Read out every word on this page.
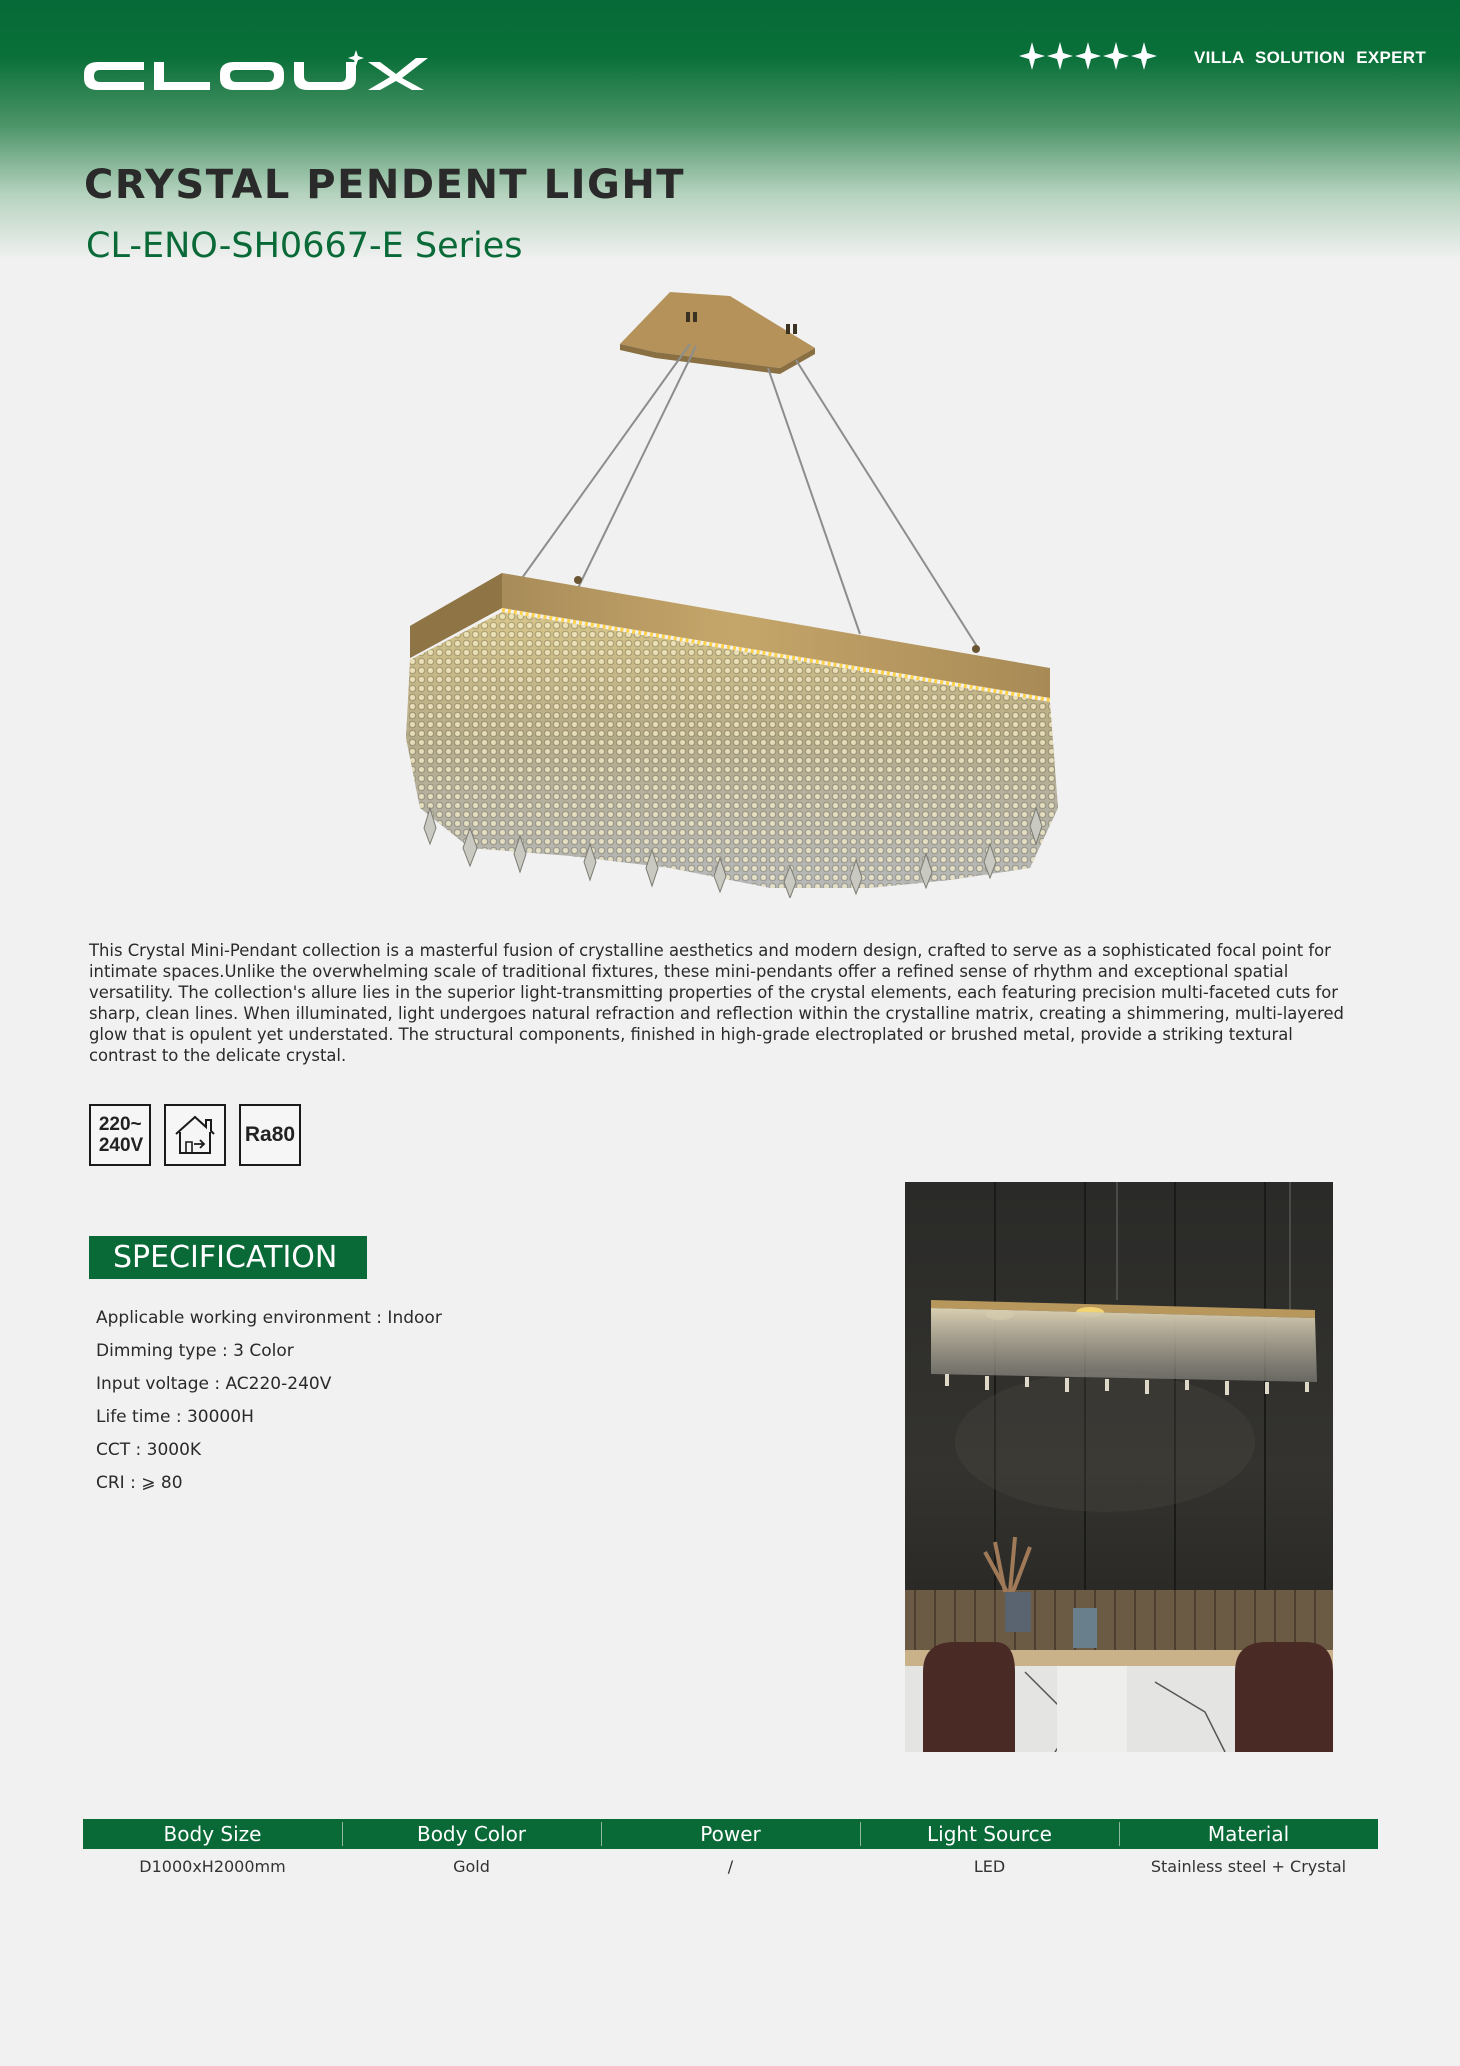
VILLA SOLUTION EXPERT
CRYSTAL PENDENT LIGHT
CL-ENO-SH0667-E Series

This Crystal Mini-Pendant collection is a masterful fusion of crystalline aesthetics and modern design, crafted to serve as a sophisticated focal point for intimate spaces.Unlike the overwhelming scale of traditional fixtures, these mini-pendants offer a refined sense of rhythm and exceptional spatial versatility. The collection's allure lies in the superior light-transmitting properties of the crystal elements, each featuring precision multi-faceted cuts for sharp, clean lines. When illuminated, light undergoes natural refraction and reflection within the crystalline matrix, creating a shimmering, multi-layered glow that is opulent yet understated. The structural components, finished in high-grade electroplated or brushed metal, provide a striking textural contrast to the delicate crystal.

220~
240V	Ra80
SPECIFICATION
Applicable working environment : Indoor
Dimming type : 3 Color
Input voltage : AC220-240V
Life time : 30000H
CCT : 3000K
CRI : ⩾ 80
Body Size	Body Color	Power	Light Source	Material
D1000xH2000mm	Gold	/	LED	Stainless steel + Crystal
